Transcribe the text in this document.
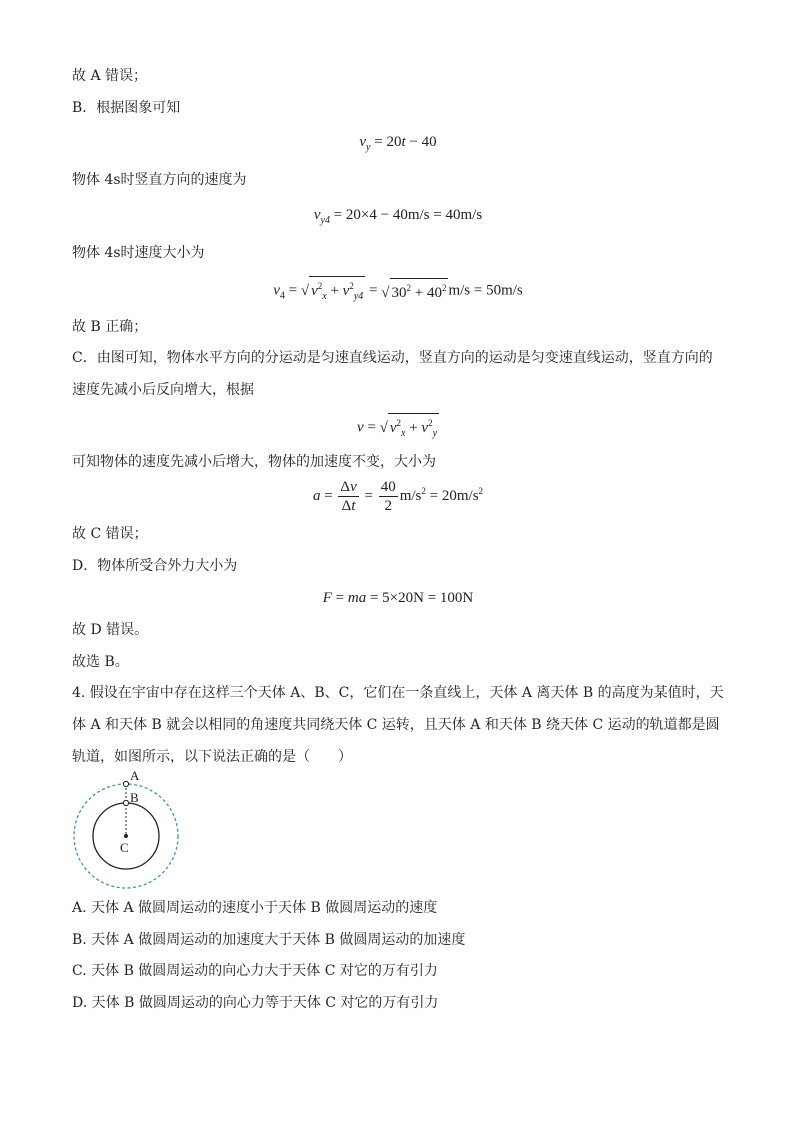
故 A 错误；
B．根据图象可知
$v_y = 20t - 40$
物体 4s时竖直方向的速度为
$v_{y4} = 20\times 4 - 40m/s = 40m/s$
物体 4s时速度大小为
$v_4$ = √ $v^2_x + v^2_{y4}$ = √ $30^2 + 40^2$ m/s = 50m/s
故 B 正确；
C．由图可知，物体水平方向的分运动是匀速直线运动，竖直方向的运动是匀变速直线运动，竖直方向的速度先减小后反向增大，根据
v = √ $v^2_x + v^2_y$
可知物体的速度先减小后增大，物体的加速度不变，大小为
$a = \frac{\Delta v}{\Delta t} = \frac{40}{2} m/s^2 = 20m/s^2$
故 C 错误；
D．物体所受合外力大小为
F = ma = 5×20N = 100N
故 D 错误。
故选 B。
4. 假设在宇宙中存在这样三个天体 A、B、C，它们在一条直线上，天体 A 离天体 B 的高度为某值时，天体 A 和天体 B 就会以相同的角速度共同绕天体 C 运转，且天体 A 和天体 B 绕天体 C 运动的轨道都是圆轨道，如图所示，以下说法正确的是（　　）
A
B
C
A. 天体 A 做圆周运动的速度小于天体 B 做圆周运动的速度
B. 天体 A 做圆周运动的加速度大于天体 B 做圆周运动的加速度
C. 天体 B 做圆周运动的向心力大于天体 C 对它的万有引力
D. 天体 B 做圆周运动的向心力等于天体 C 对它的万有引力
